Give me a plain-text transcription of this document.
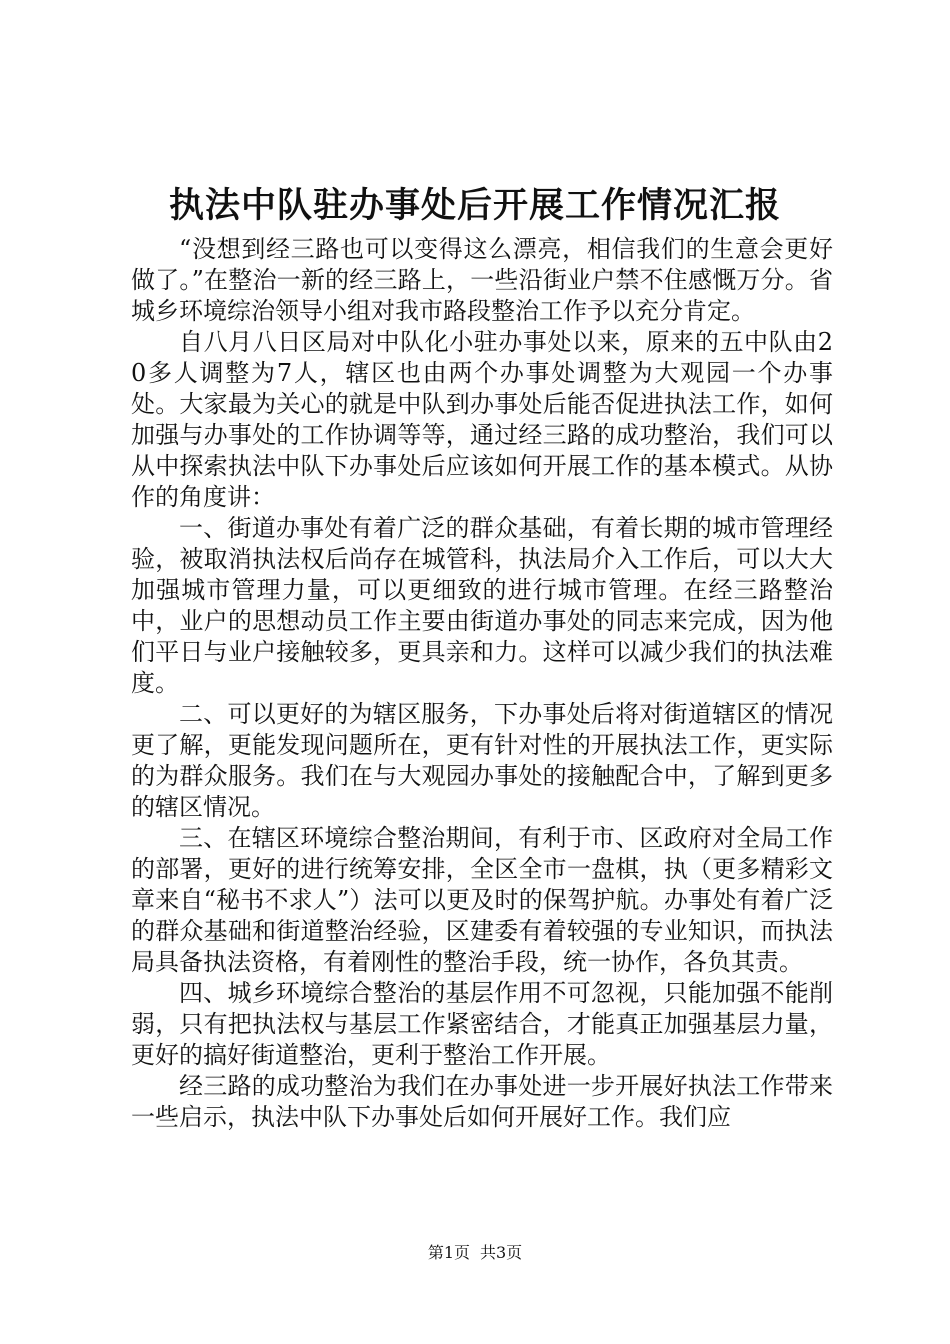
执法中队驻办事处后开展工作情况汇报

“没想到经三路也可以变得这么漂亮，相信我们的生意会更好做了。”在整治一新的经三路上，一些沿街业户禁不住感慨万分。省城乡环境综治领导小组对我市路段整治工作予以充分肯定。

自八月八日区局对中队化小驻办事处以来，原来的五中队由20多人调整为7人，辖区也由两个办事处调整为大观园一个办事处。大家最为关心的就是中队到办事处后能否促进执法工作，如何加强与办事处的工作协调等等，通过经三路的成功整治，我们可以从中探索执法中队下办事处后应该如何开展工作的基本模式。从协作的角度讲：

一、街道办事处有着广泛的群众基础，有着长期的城市管理经验，被取消执法权后尚存在城管科，执法局介入工作后，可以大大加强城市管理力量，可以更细致的进行城市管理。在经三路整治中，业户的思想动员工作主要由街道办事处的同志来完成，因为他们平日与业户接触较多，更具亲和力。这样可以减少我们的执法难度。

二、可以更好的为辖区服务，下办事处后将对街道辖区的情况更了解，更能发现问题所在，更有针对性的开展执法工作，更实际的为群众服务。我们在与大观园办事处的接触配合中，了解到更多的辖区情况。

三、在辖区环境综合整治期间，有利于市、区政府对全局工作的部署，更好的进行统筹安排，全区全市一盘棋，执（更多精彩文章来自“秘书不求人”）法可以更及时的保驾护航。办事处有着广泛的群众基础和街道整治经验，区建委有着较强的专业知识，而执法局具备执法资格，有着刚性的整治手段，统一协作，各负其责。

四、城乡环境综合整治的基层作用不可忽视，只能加强不能削弱，只有把执法权与基层工作紧密结合，才能真正加强基层力量，更好的搞好街道整治，更利于整治工作开展。

经三路的成功整治为我们在办事处进一步开展好执法工作带来一些启示，执法中队下办事处后如何开展好工作。我们应

第1页 共3页
